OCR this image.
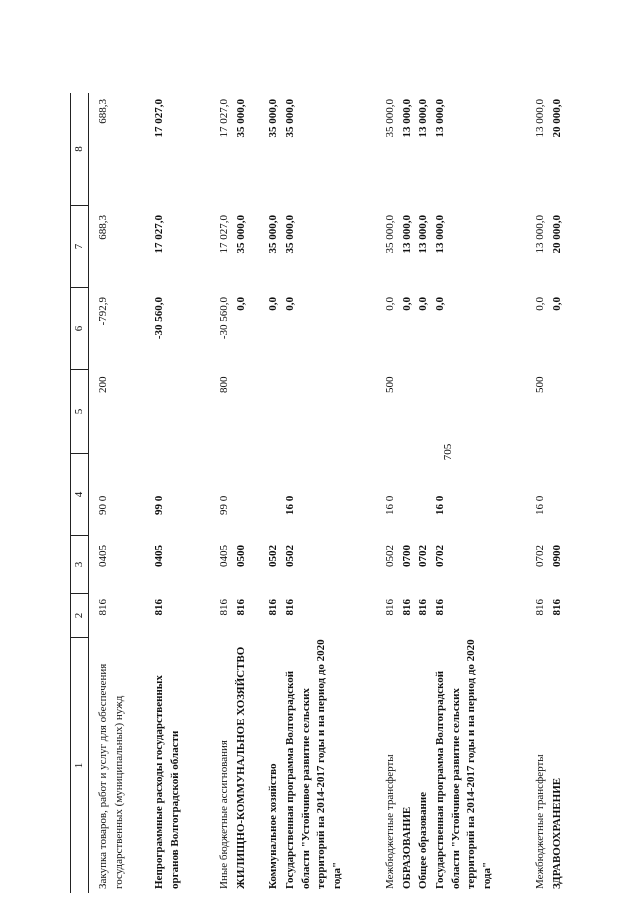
705
1
2
3
4
5
6
7
8
Закупка товаров, работ и услуг для обеспечения государственных (муниципальных) нужд
816
0405
90 0
200
-792,9
688,3
688,3
Непрограммные расходы государственных органов Волгоградской области
816
0405
99 0
-30 560,0
17 027,0
17 027,0
Иные бюджетные ассигнования
816
0405
99 0
800
-30 560,0
17 027,0
17 027,0
ЖИЛИЩНО-КОММУНАЛЬНОЕ ХОЗЯЙСТВО
816
0500
0,0
35 000,0
35 000,0
Коммунальное хозяйство
816
0502
0,0
35 000,0
35 000,0
Государственная программа Волгоградской области "Устойчивое развитие сельских территорий на 2014-2017 годы и на период до 2020 года"
816
0502
16 0
0,0
35 000,0
35 000,0
Межбюджетные трансферты
816
0502
16 0
500
0,0
35 000,0
35 000,0
ОБРАЗОВАНИЕ
816
0700
0,0
13 000,0
13 000,0
Общее образование
816
0702
0,0
13 000,0
13 000,0
Государственная программа Волгоградской области "Устойчивое развитие сельских территорий на 2014-2017 годы и на период до 2020 года"
816
0702
16 0
0,0
13 000,0
13 000,0
Межбюджетные трансферты
816
0702
16 0
500
0,0
13 000,0
13 000,0
ЗДРАВООХРАНЕНИЕ
816
0900
0,0
20 000,0
20 000,0
